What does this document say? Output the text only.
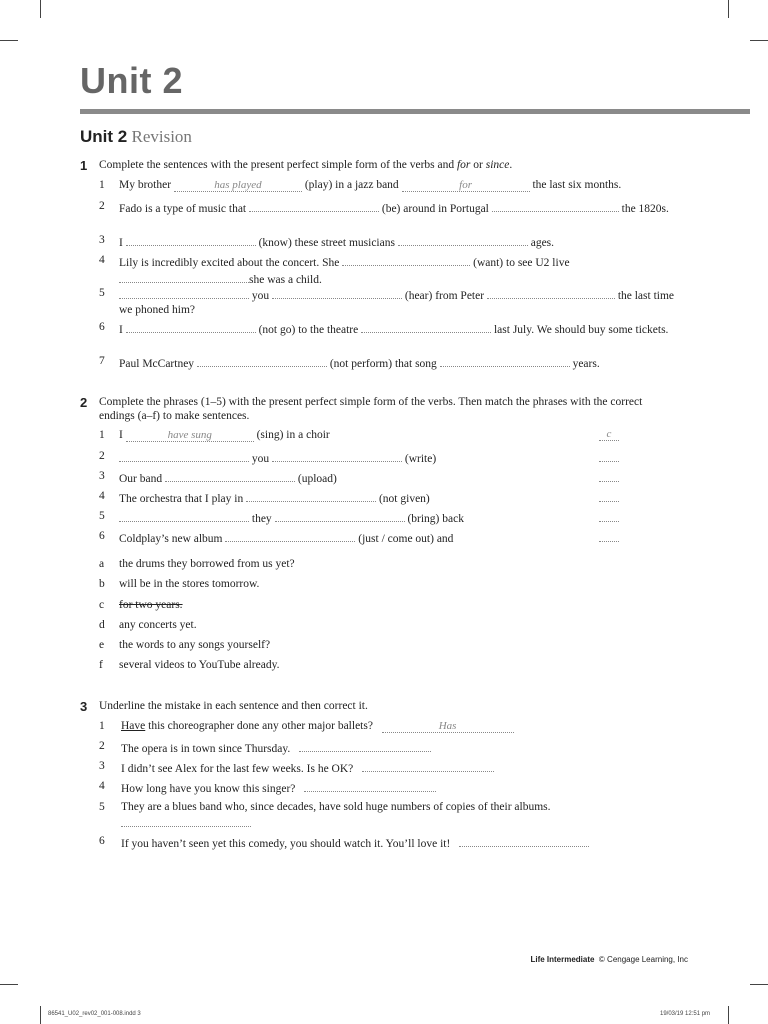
Unit 2
Unit 2 Revision
1 Complete the sentences with the present perfect simple form of the verbs and for or since.
1 My brother	has played	(play) in a jazz band	for	the last six months.
2 Fado is a type of music that	(be) around in Portugal	the 1820s.
3 I	(know) these street musicians	ages.
4 Lily is incredibly excited about the concert. She	(want) to see U2 live
she was a child.
5	you	(hear) from Peter	the last time we phoned him?
6 I	(not go) to the theatre	last July. We should buy some tickets.
7 Paul McCartney	(not perform) that song	years.
2 Complete the phrases (1–5) with the present perfect simple form of the verbs. Then match the phrases with the correct endings (a–f) to make sentences.
1 I	have sung	(sing) in a choir	c
2	you	(write)
3 Our band	(upload)
4 The orchestra that I play in	(not given)
5	they	(bring) back
6 Coldplay’s new album	(just / come out) and
a the drums they borrowed from us yet?
b will be in the stores tomorrow.
c for two years.
d any concerts yet.
e the words to any songs yourself?
f several videos to YouTube already.
3 Underline the mistake in each sentence and then correct it.
1 Have this choreographer done any other major ballets?	Has
2 The opera is in town since Thursday.
3 I didn’t see Alex for the last few weeks. Is he OK?
4 How long have you know this singer?
5 They are a blues band who, since decades, have sold huge numbers of copies of their albums.

6 If you haven’t seen yet this comedy, you should watch it. You’ll love it!
Life Intermediate © Cengage Learning, Inc
86541_U02_rev02_001-008.indd 3	19/03/19 12:51 pm
